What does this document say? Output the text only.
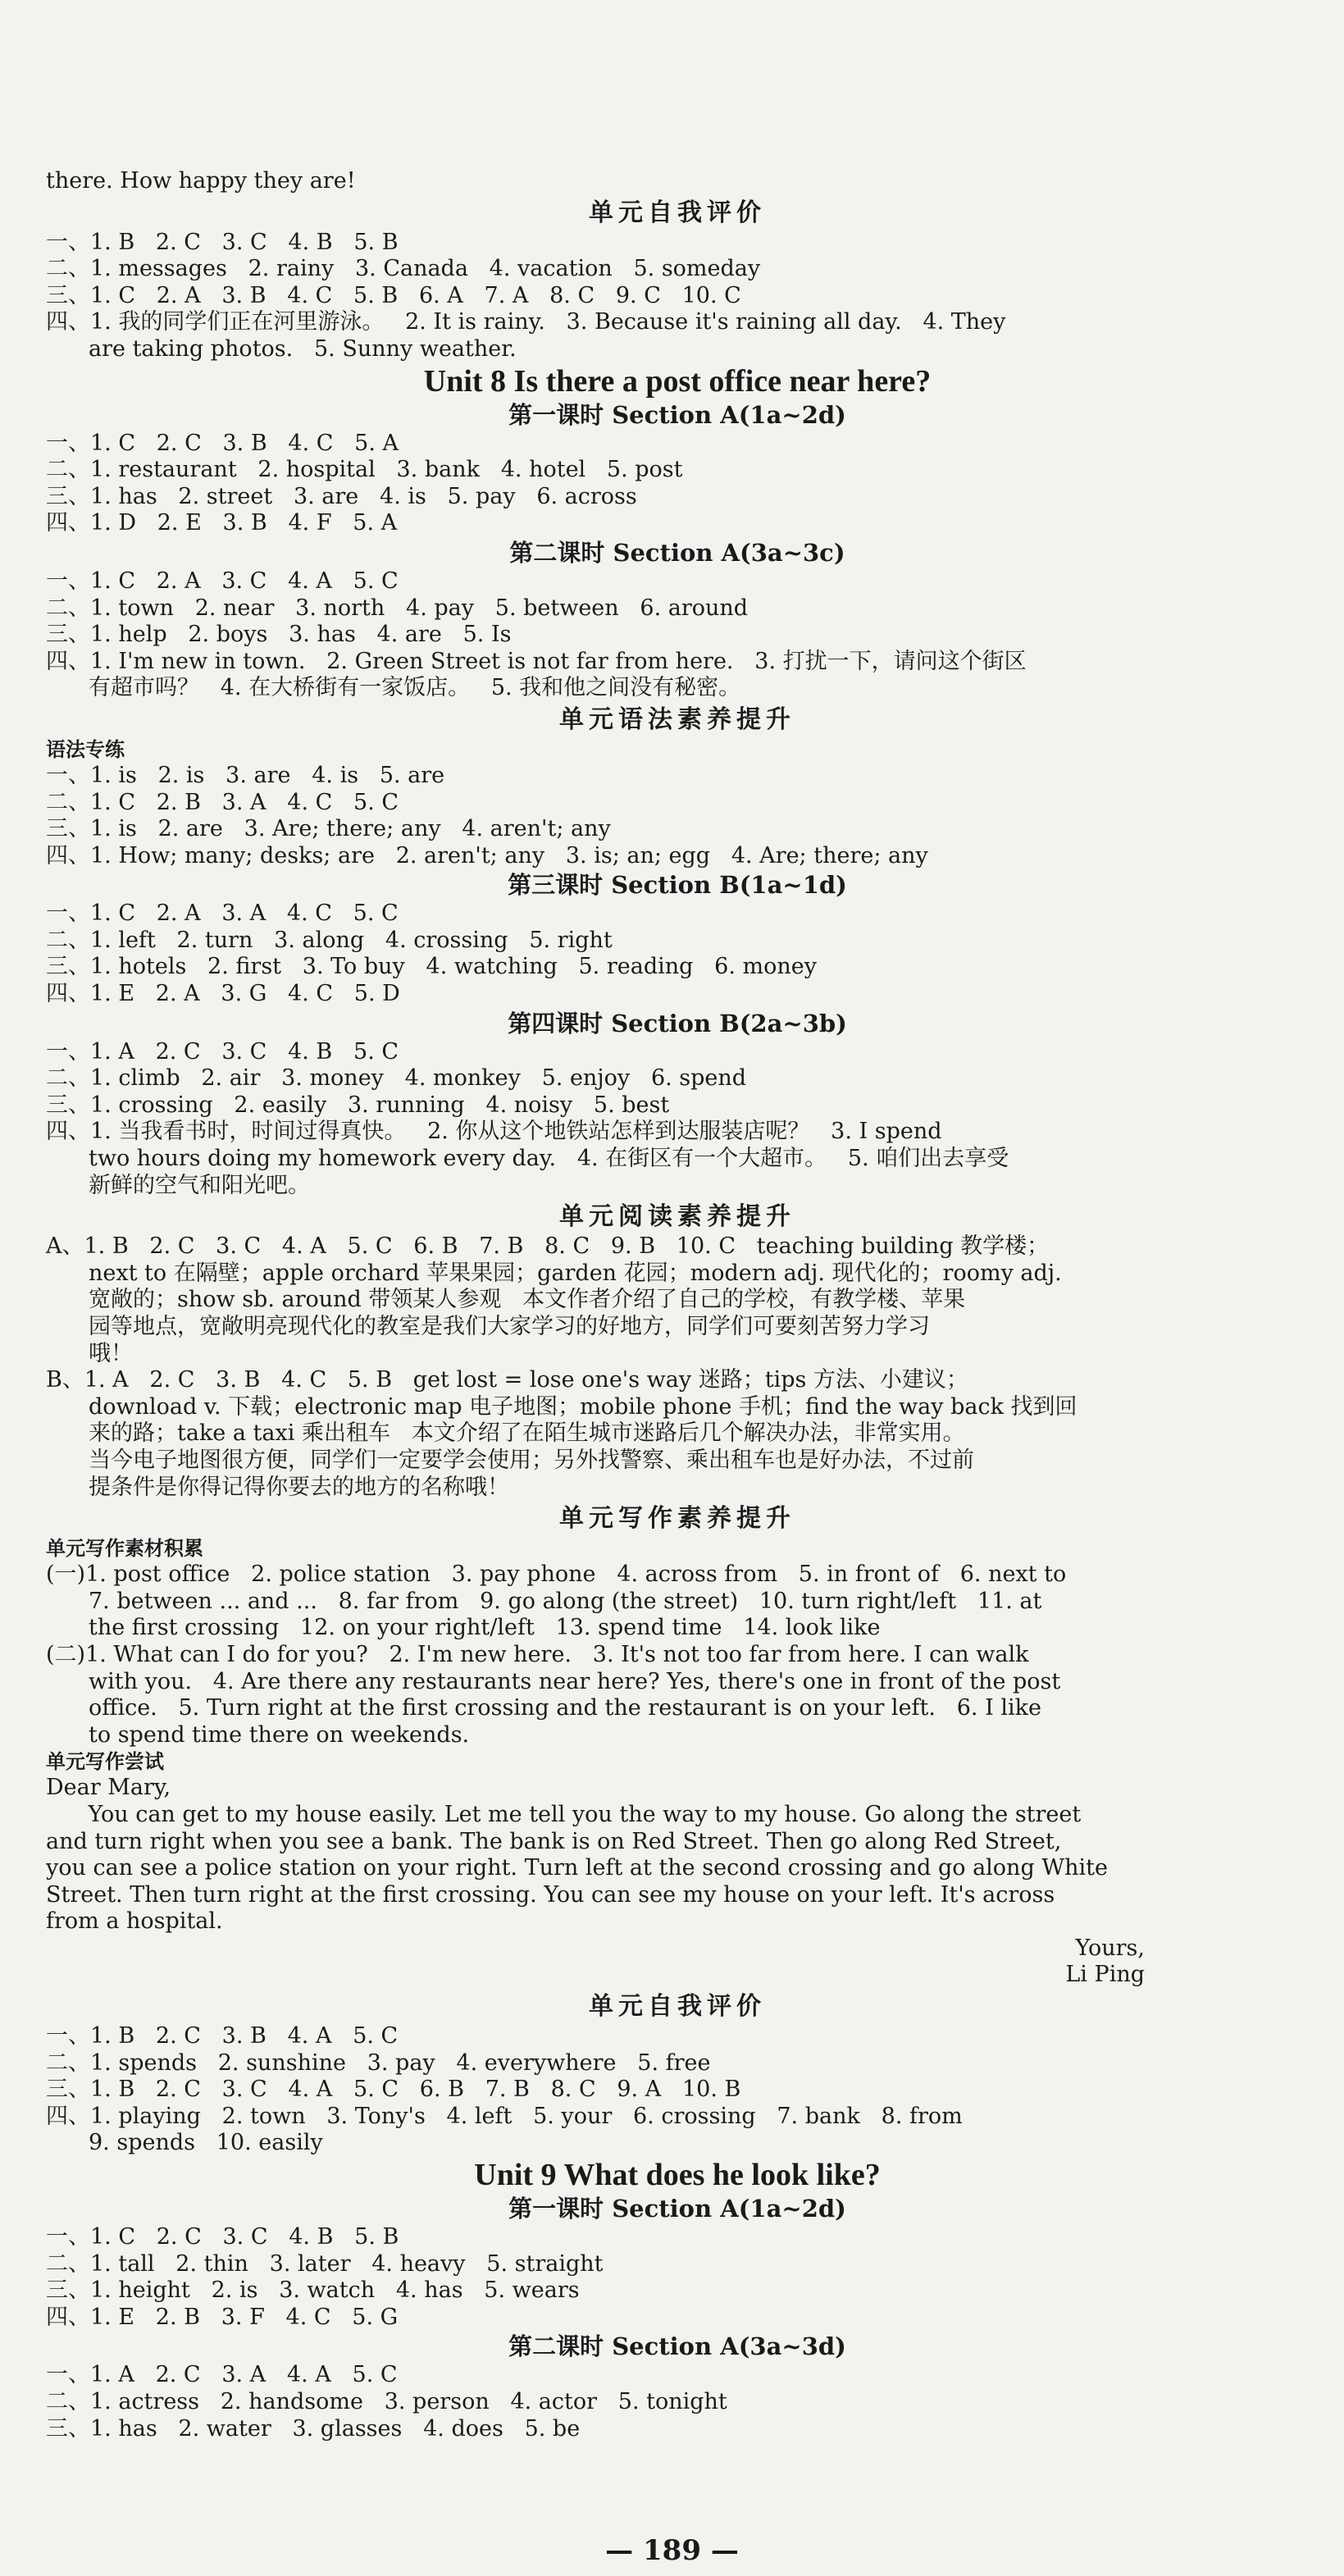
there. How happy they are!
单元自我评价
一、1. B   2. C   3. C   4. B   5. B
二、1. messages   2. rainy   3. Canada   4. vacation   5. someday
三、1. C   2. A   3. B   4. C   5. B   6. A   7. A   8. C   9. C   10. C
四、1. 我的同学们正在河里游泳。   2. It is rainy.   3. Because it's raining all day.   4. They
are taking photos.   5. Sunny weather.
Unit 8 Is there a post office near here?
第一课时 Section A(1a~2d)
一、1. C   2. C   3. B   4. C   5. A
二、1. restaurant   2. hospital   3. bank   4. hotel   5. post
三、1. has   2. street   3. are   4. is   5. pay   6. across
四、1. D   2. E   3. B   4. F   5. A
第二课时 Section A(3a~3c)
一、1. C   2. A   3. C   4. A   5. C
二、1. town   2. near   3. north   4. pay   5. between   6. around
三、1. help   2. boys   3. has   4. are   5. Is
四、1. I'm new in town.   2. Green Street is not far from here.   3. 打扰一下，请问这个街区
有超市吗？   4. 在大桥街有一家饭店。   5. 我和他之间没有秘密。
单元语法素养提升
语法专练
一、1. is   2. is   3. are   4. is   5. are
二、1. C   2. B   3. A   4. C   5. C
三、1. is   2. are   3. Are; there; any   4. aren't; any
四、1. How; many; desks; are   2. aren't; any   3. is; an; egg   4. Are; there; any
第三课时 Section B(1a~1d)
一、1. C   2. A   3. A   4. C   5. C
二、1. left   2. turn   3. along   4. crossing   5. right
三、1. hotels   2. first   3. To buy   4. watching   5. reading   6. money
四、1. E   2. A   3. G   4. C   5. D
第四课时 Section B(2a~3b)
一、1. A   2. C   3. C   4. B   5. C
二、1. climb   2. air   3. money   4. monkey   5. enjoy   6. spend
三、1. crossing   2. easily   3. running   4. noisy   5. best
四、1. 当我看书时，时间过得真快。   2. 你从这个地铁站怎样到达服装店呢？   3. I spend
two hours doing my homework every day.   4. 在街区有一个大超市。   5. 咱们出去享受
新鲜的空气和阳光吧。
单元阅读素养提升
A、1. B   2. C   3. C   4. A   5. C   6. B   7. B   8. C   9. B   10. C   teaching building 教学楼；
next to 在隔壁；apple orchard 苹果果园；garden 花园；modern adj. 现代化的；roomy adj.
宽敞的；show sb. around 带领某人参观   本文作者介绍了自己的学校，有教学楼、苹果
园等地点，宽敞明亮现代化的教室是我们大家学习的好地方，同学们可要刻苦努力学习
哦！
B、1. A   2. C   3. B   4. C   5. B   get lost = lose one's way 迷路；tips 方法、小建议；
download v. 下载；electronic map 电子地图；mobile phone 手机；find the way back 找到回
来的路；take a taxi 乘出租车   本文介绍了在陌生城市迷路后几个解决办法，非常实用。
当今电子地图很方便，同学们一定要学会使用；另外找警察、乘出租车也是好办法，不过前
提条件是你得记得你要去的地方的名称哦！
单元写作素养提升
单元写作素材积累
(一)1. post office   2. police station   3. pay phone   4. across from   5. in front of   6. next to
7. between ... and ...   8. far from   9. go along (the street)   10. turn right/left   11. at
the first crossing   12. on your right/left   13. spend time   14. look like
(二)1. What can I do for you?   2. I'm new here.   3. It's not too far from here. I can walk
with you.   4. Are there any restaurants near here? Yes, there's one in front of the post
office.   5. Turn right at the first crossing and the restaurant is on your left.   6. I like
to spend time there on weekends.
单元写作尝试
Dear Mary,
You can get to my house easily. Let me tell you the way to my house. Go along the street
and turn right when you see a bank. The bank is on Red Street. Then go along Red Street,
you can see a police station on your right. Turn left at the second crossing and go along White
Street. Then turn right at the first crossing. You can see my house on your left. It's across
from a hospital.
Yours,
Li Ping
单元自我评价
一、1. B   2. C   3. B   4. A   5. C
二、1. spends   2. sunshine   3. pay   4. everywhere   5. free
三、1. B   2. C   3. C   4. A   5. C   6. B   7. B   8. C   9. A   10. B
四、1. playing   2. town   3. Tony's   4. left   5. your   6. crossing   7. bank   8. from
9. spends   10. easily
Unit 9 What does he look like?
第一课时 Section A(1a~2d)
一、1. C   2. C   3. C   4. B   5. B
二、1. tall   2. thin   3. later   4. heavy   5. straight
三、1. height   2. is   3. watch   4. has   5. wears
四、1. E   2. B   3. F   4. C   5. G
第二课时 Section A(3a~3d)
一、1. A   2. C   3. A   4. A   5. C
二、1. actress   2. handsome   3. person   4. actor   5. tonight
三、1. has   2. water   3. glasses   4. does   5. be
— 189 —
